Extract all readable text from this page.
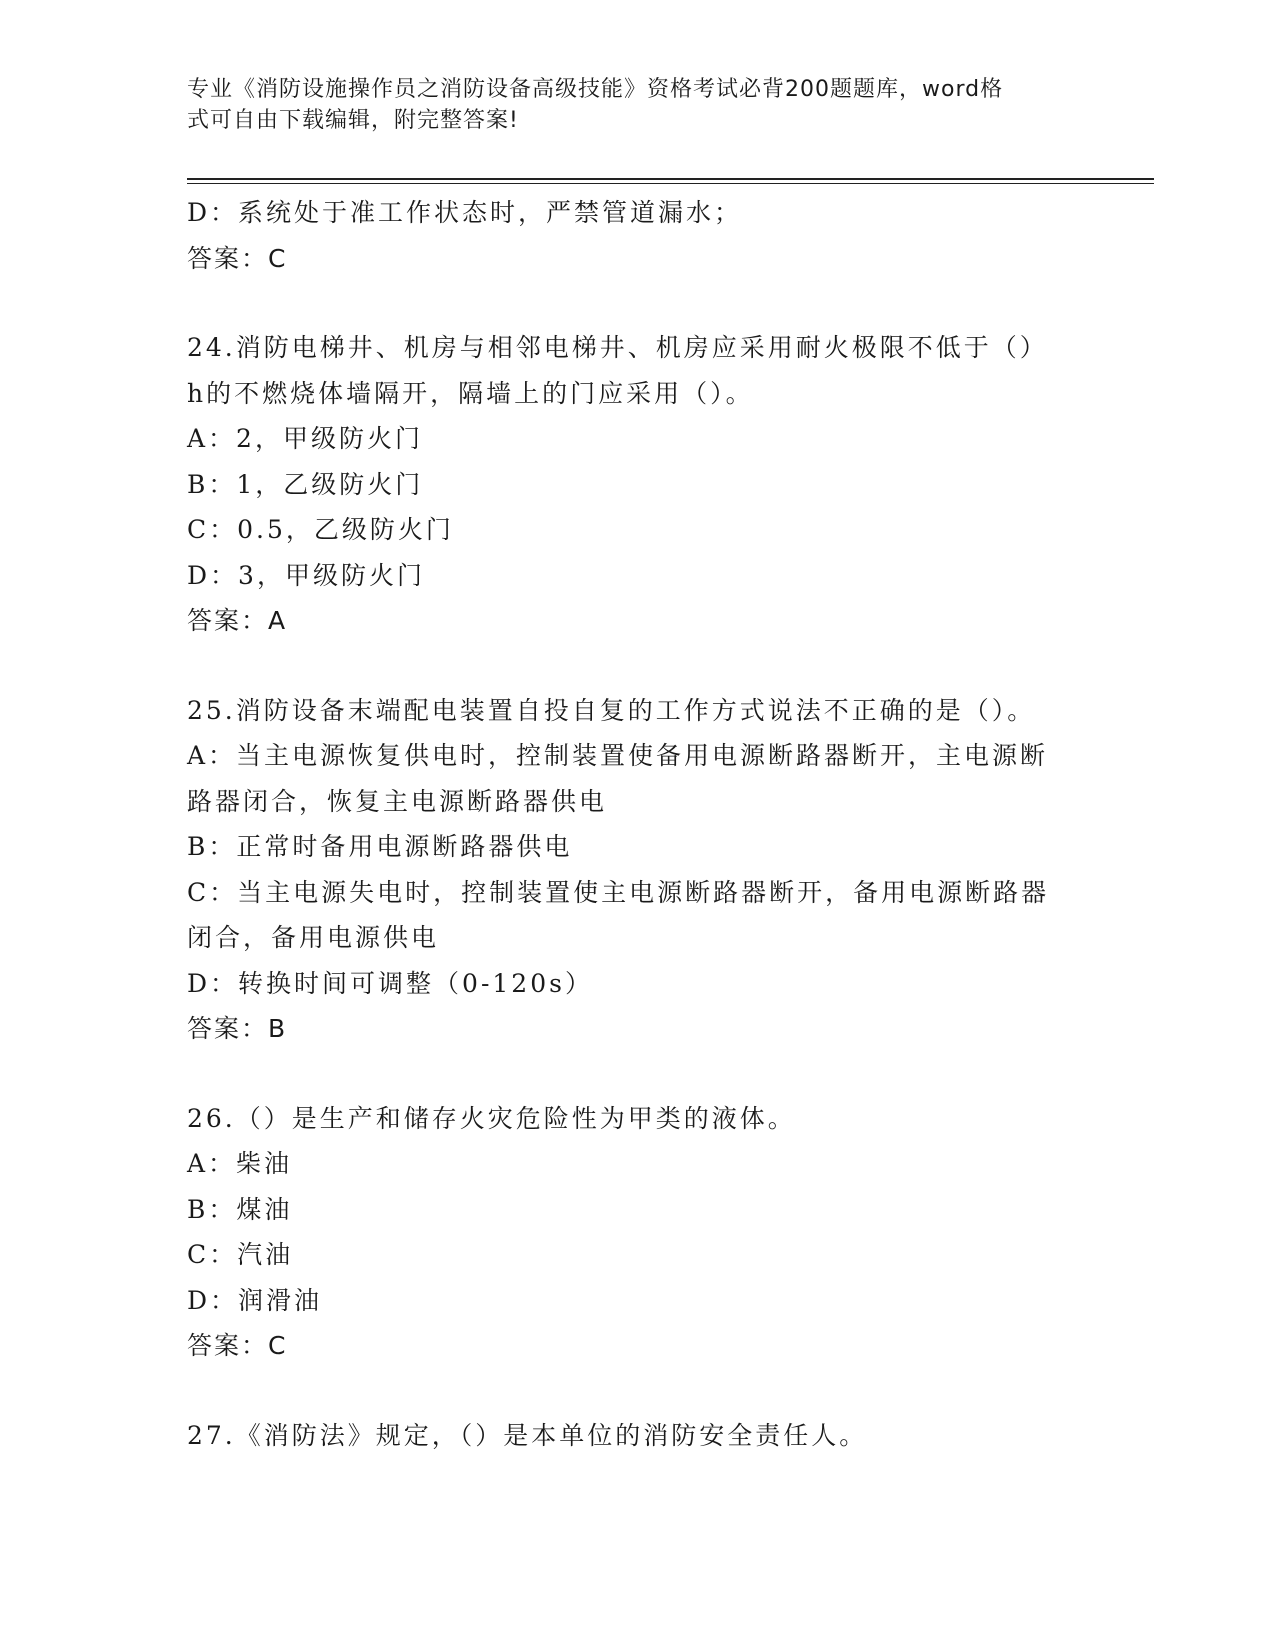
专业《消防设施操作员之消防设备高级技能》资格考试必背200题题库，word格
式可自由下载编辑，附完整答案!
D：系统处于准工作状态时，严禁管道漏水；
答案：C
24.消防电梯井、机房与相邻电梯井、机房应采用耐火极限不低于（）
h的不燃烧体墙隔开，隔墙上的门应采用（）。
A：2，甲级防火门
B：1，乙级防火门
C：0.5，乙级防火门
D：3，甲级防火门
答案：A
25.消防设备末端配电装置自投自复的工作方式说法不正确的是（）。
A：当主电源恢复供电时，控制装置使备用电源断路器断开，主电源断
路器闭合，恢复主电源断路器供电
B：正常时备用电源断路器供电
C：当主电源失电时，控制装置使主电源断路器断开，备用电源断路器
闭合，备用电源供电
D：转换时间可调整（0-120s）
答案：B
26.（）是生产和储存火灾危险性为甲类的液体。
A：柴油
B：煤油
C：汽油
D：润滑油
答案：C
27.《消防法》规定，（）是本单位的消防安全责任人。
